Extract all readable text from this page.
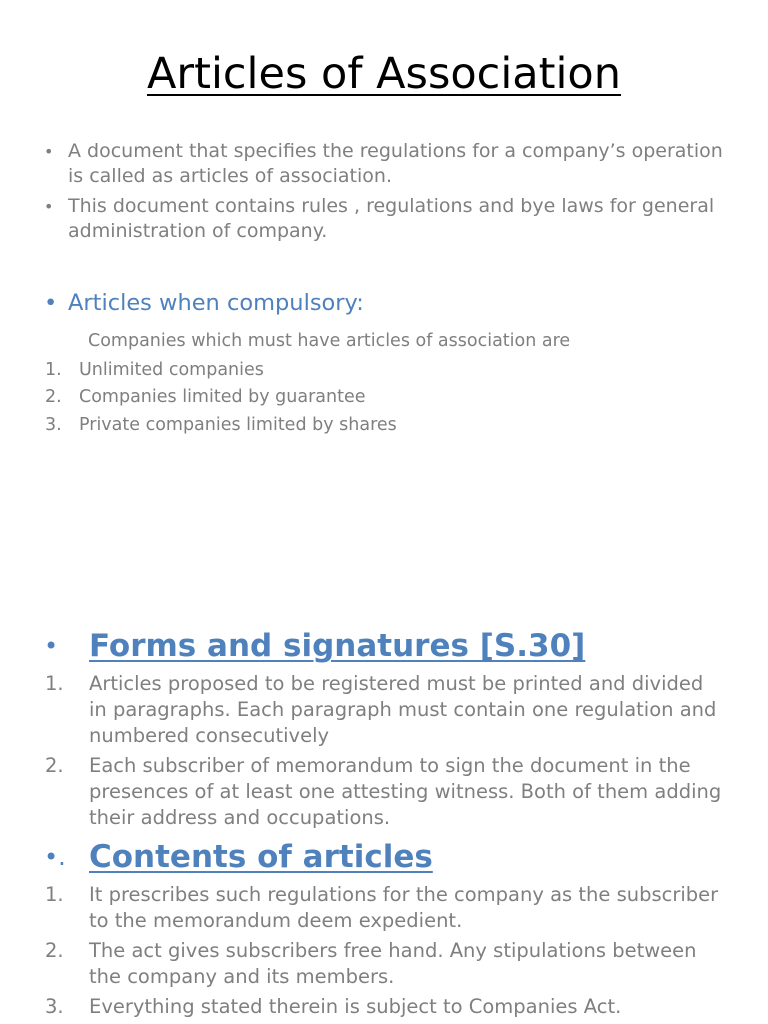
Articles of Association
• A document that specifies the regulations for a company’s operation is called as articles of association.
• This document contains rules , regulations and bye laws for general administration of company.
• Articles when compulsory:
Companies which must have articles of association are
1. Unlimited companies
2. Companies limited by guarantee
3. Private companies limited by shares
• Forms and signatures [S.30]
1. Articles proposed to be registered must be printed and divided in paragraphs. Each paragraph must contain one regulation and numbered consecutively
2. Each subscriber of memorandum to sign the document in the presences of at least one attesting witness. Both of them adding their address and occupations.
•. Contents of articles
1. It prescribes such regulations for the company as the subscriber to the memorandum deem expedient.
2. The act gives subscribers free hand. Any stipulations between the company and its members.
3. Everything stated therein is subject to Companies Act.
